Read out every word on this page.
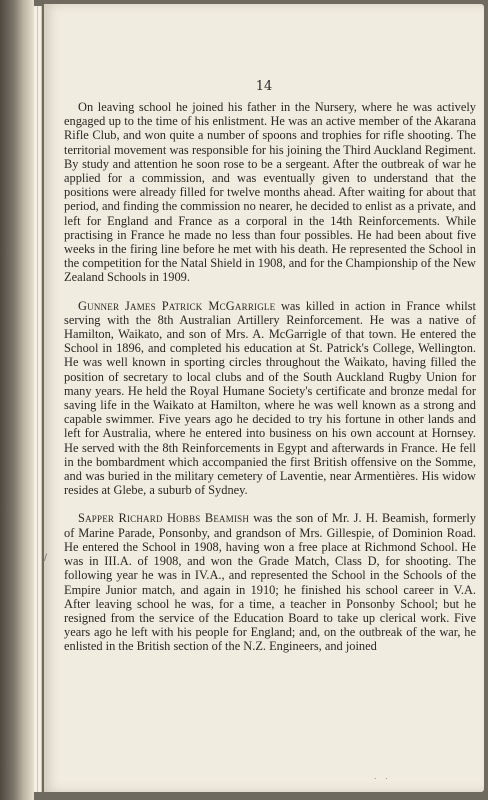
14

On leaving school he joined his father in the Nursery, where he was actively engaged up to the time of his enlistment. He was an active member of the Akarana Rifle Club, and won quite a number of spoons and trophies for rifle shooting. The territorial movement was responsible for his joining the Third Auckland Regiment. By study and attention he soon rose to be a sergeant. After the outbreak of war he applied for a commission, and was eventually given to understand that the positions were already filled for twelve months ahead. After waiting for about that period, and finding the commission no nearer, he decided to enlist as a private, and left for England and France as a corporal in the 14th Reinforcements. While practising in France he made no less than four possibles. He had been about five weeks in the firing line before he met with his death. He represented the School in the competition for the Natal Shield in 1908, and for the Championship of the New Zealand Schools in 1909.

Gunner James Patrick McGarrigle was killed in action in France whilst serving with the 8th Australian Artillery Reinforcement. He was a native of Hamilton, Waikato, and son of Mrs. A. McGarrigle of that town. He entered the School in 1896, and completed his education at St. Patrick's College, Wellington. He was well known in sporting circles throughout the Waikato, having filled the position of secretary to local clubs and of the South Auckland Rugby Union for many years. He held the Royal Humane Society's certificate and bronze medal for saving life in the Waikato at Hamilton, where he was well known as a strong and capable swimmer. Five years ago he decided to try his fortune in other lands and left for Australia, where he entered into business on his own account at Hornsey. He served with the 8th Reinforcements in Egypt and afterwards in France. He fell in the bombardment which accompanied the first British offensive on the Somme, and was buried in the military cemetery of Laventie, near Armentières. His widow resides at Glebe, a suburb of Sydney.

Sapper Richard Hobbs Beamish was the son of Mr. J. H. Beamish, formerly of Marine Parade, Ponsonby, and grandson of Mrs. Gillespie, of Dominion Road. He entered the School in 1908, having won a free place at Richmond School. He was in III.A. of 1908, and won the Grade Match, Class D, for shooting. The following year he was in IV.A., and represented the School in the Schools of the Empire Junior match, and again in 1910; he finished his school career in V.A. After leaving school he was, for a time, a teacher in Ponsonby School; but he resigned from the service of the Education Board to take up clerical work. Five years ago he left with his people for England; and, on the outbreak of the war, he enlisted in the British section of the N.Z. Engineers, and joined

/
. .
